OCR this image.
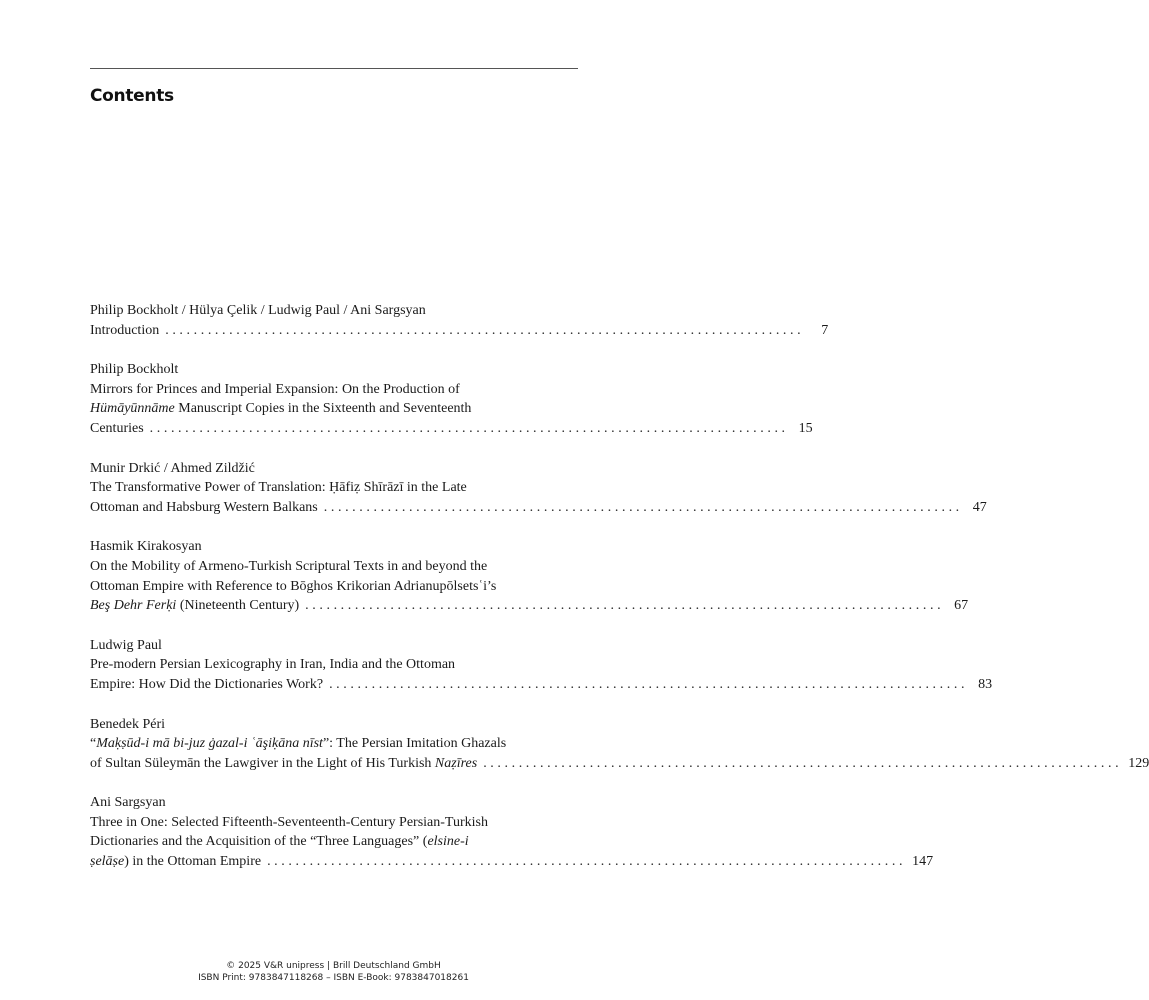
Contents
Philip Bockholt / Hülya Çelik / Ludwig Paul / Ani Sargsyan
Introduction ..........................................................................................	7
Philip Bockholt
Mirrors for Princes and Imperial Expansion: On the Production of
Hümāyūnnāme Manuscript Copies in the Sixteenth and Seventeenth
Centuries .......................................................................................... 15
Munir Drkić / Ahmed Zildžić
The Transformative Power of Translation: Ḥāfiẓ Shīrāzī in the Late
Ottoman and Habsburg Western Balkans .......................................................................................... 47
Hasmik Kirakosyan
On the Mobility of Armeno-Turkish Scriptural Texts in and beyond the
Ottoman Empire with Reference to Bōghos Krikorian Adrianupōlsetsʿi’s
Beş Dehr Ferḳi (Nineteenth Century) .......................................................................................... 67
Ludwig Paul
Pre-modern Persian Lexicography in Iran, India and the Ottoman
Empire: How Did the Dictionaries Work? .......................................................................................... 83
Benedek Péri
“Maḳṣūd-i mā bi-juz ġazal-i ʿāşiḳāna nīst”: The Persian Imitation Ghazals
of Sultan Süleymān the Lawgiver in the Light of His Turkish Naẓīres .......................................................................................... 129
Ani Sargsyan
Three in One: Selected Fifteenth-Seventeenth-Century Persian-Turkish
Dictionaries and the Acquisition of the “Three Languages” (elsine-i
ṣelāṣe) in the Ottoman Empire .......................................................................................... 147
© 2025 V&R unipress | Brill Deutschland GmbH
ISBN Print: 9783847118268 – ISBN E-Book: 9783847018261
